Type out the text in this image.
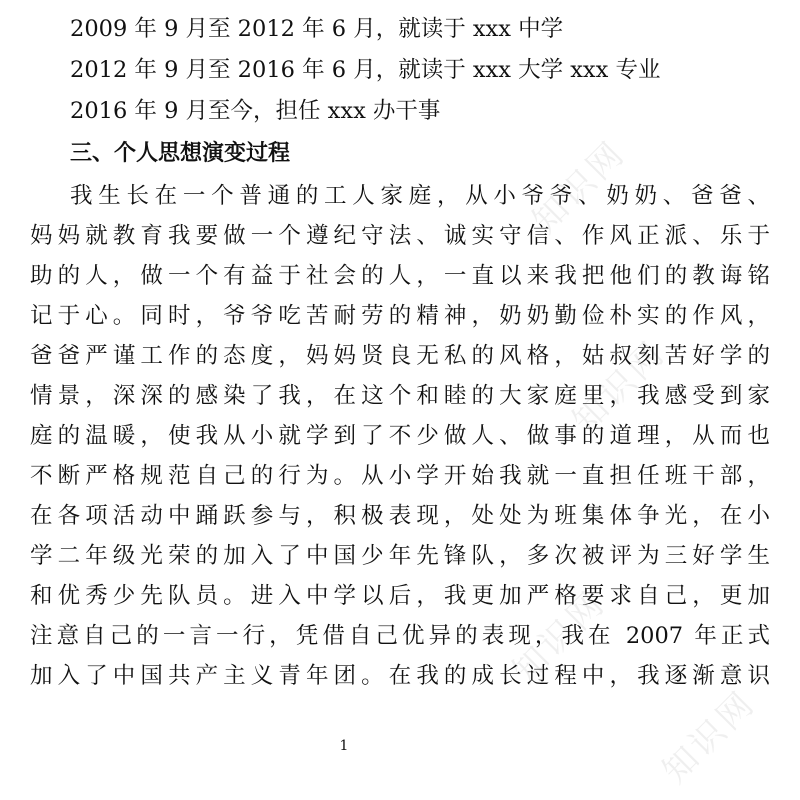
知识网
知识网
知识网
知识网
2009 年 9 月至 2012 年 6 月，就读于 xxx 中学
2012 年 9 月至 2016 年 6 月，就读于 xxx 大学 xxx 专业
2016 年 9 月至今，担任 xxx 办干事
三、个人思想演变过程
我生长在一个普通的工人家庭，从小爷爷、奶奶、爸爸、
妈妈就教育我要做一个遵纪守法、诚实守信、作风正派、乐于
助的人，做一个有益于社会的人，一直以来我把他们的教诲铭
记于心。同时，爷爷吃苦耐劳的精神，奶奶勤俭朴实的作风，
爸爸严谨工作的态度，妈妈贤良无私的风格，姑叔刻苦好学的
情景，深深的感染了我，在这个和睦的大家庭里，我感受到家
庭的温暖，使我从小就学到了不少做人、做事的道理，从而也
不断严格规范自己的行为。从小学开始我就一直担任班干部，
在各项活动中踊跃参与，积极表现，处处为班集体争光，在小
学二年级光荣的加入了中国少年先锋队，多次被评为三好学生
和优秀少先队员。进入中学以后，我更加严格要求自己，更加
注意自己的一言一行，凭借自己优异的表现，我在 2007 年正式
加入了中国共产主义青年团。在我的成长过程中，我逐渐意识
1
